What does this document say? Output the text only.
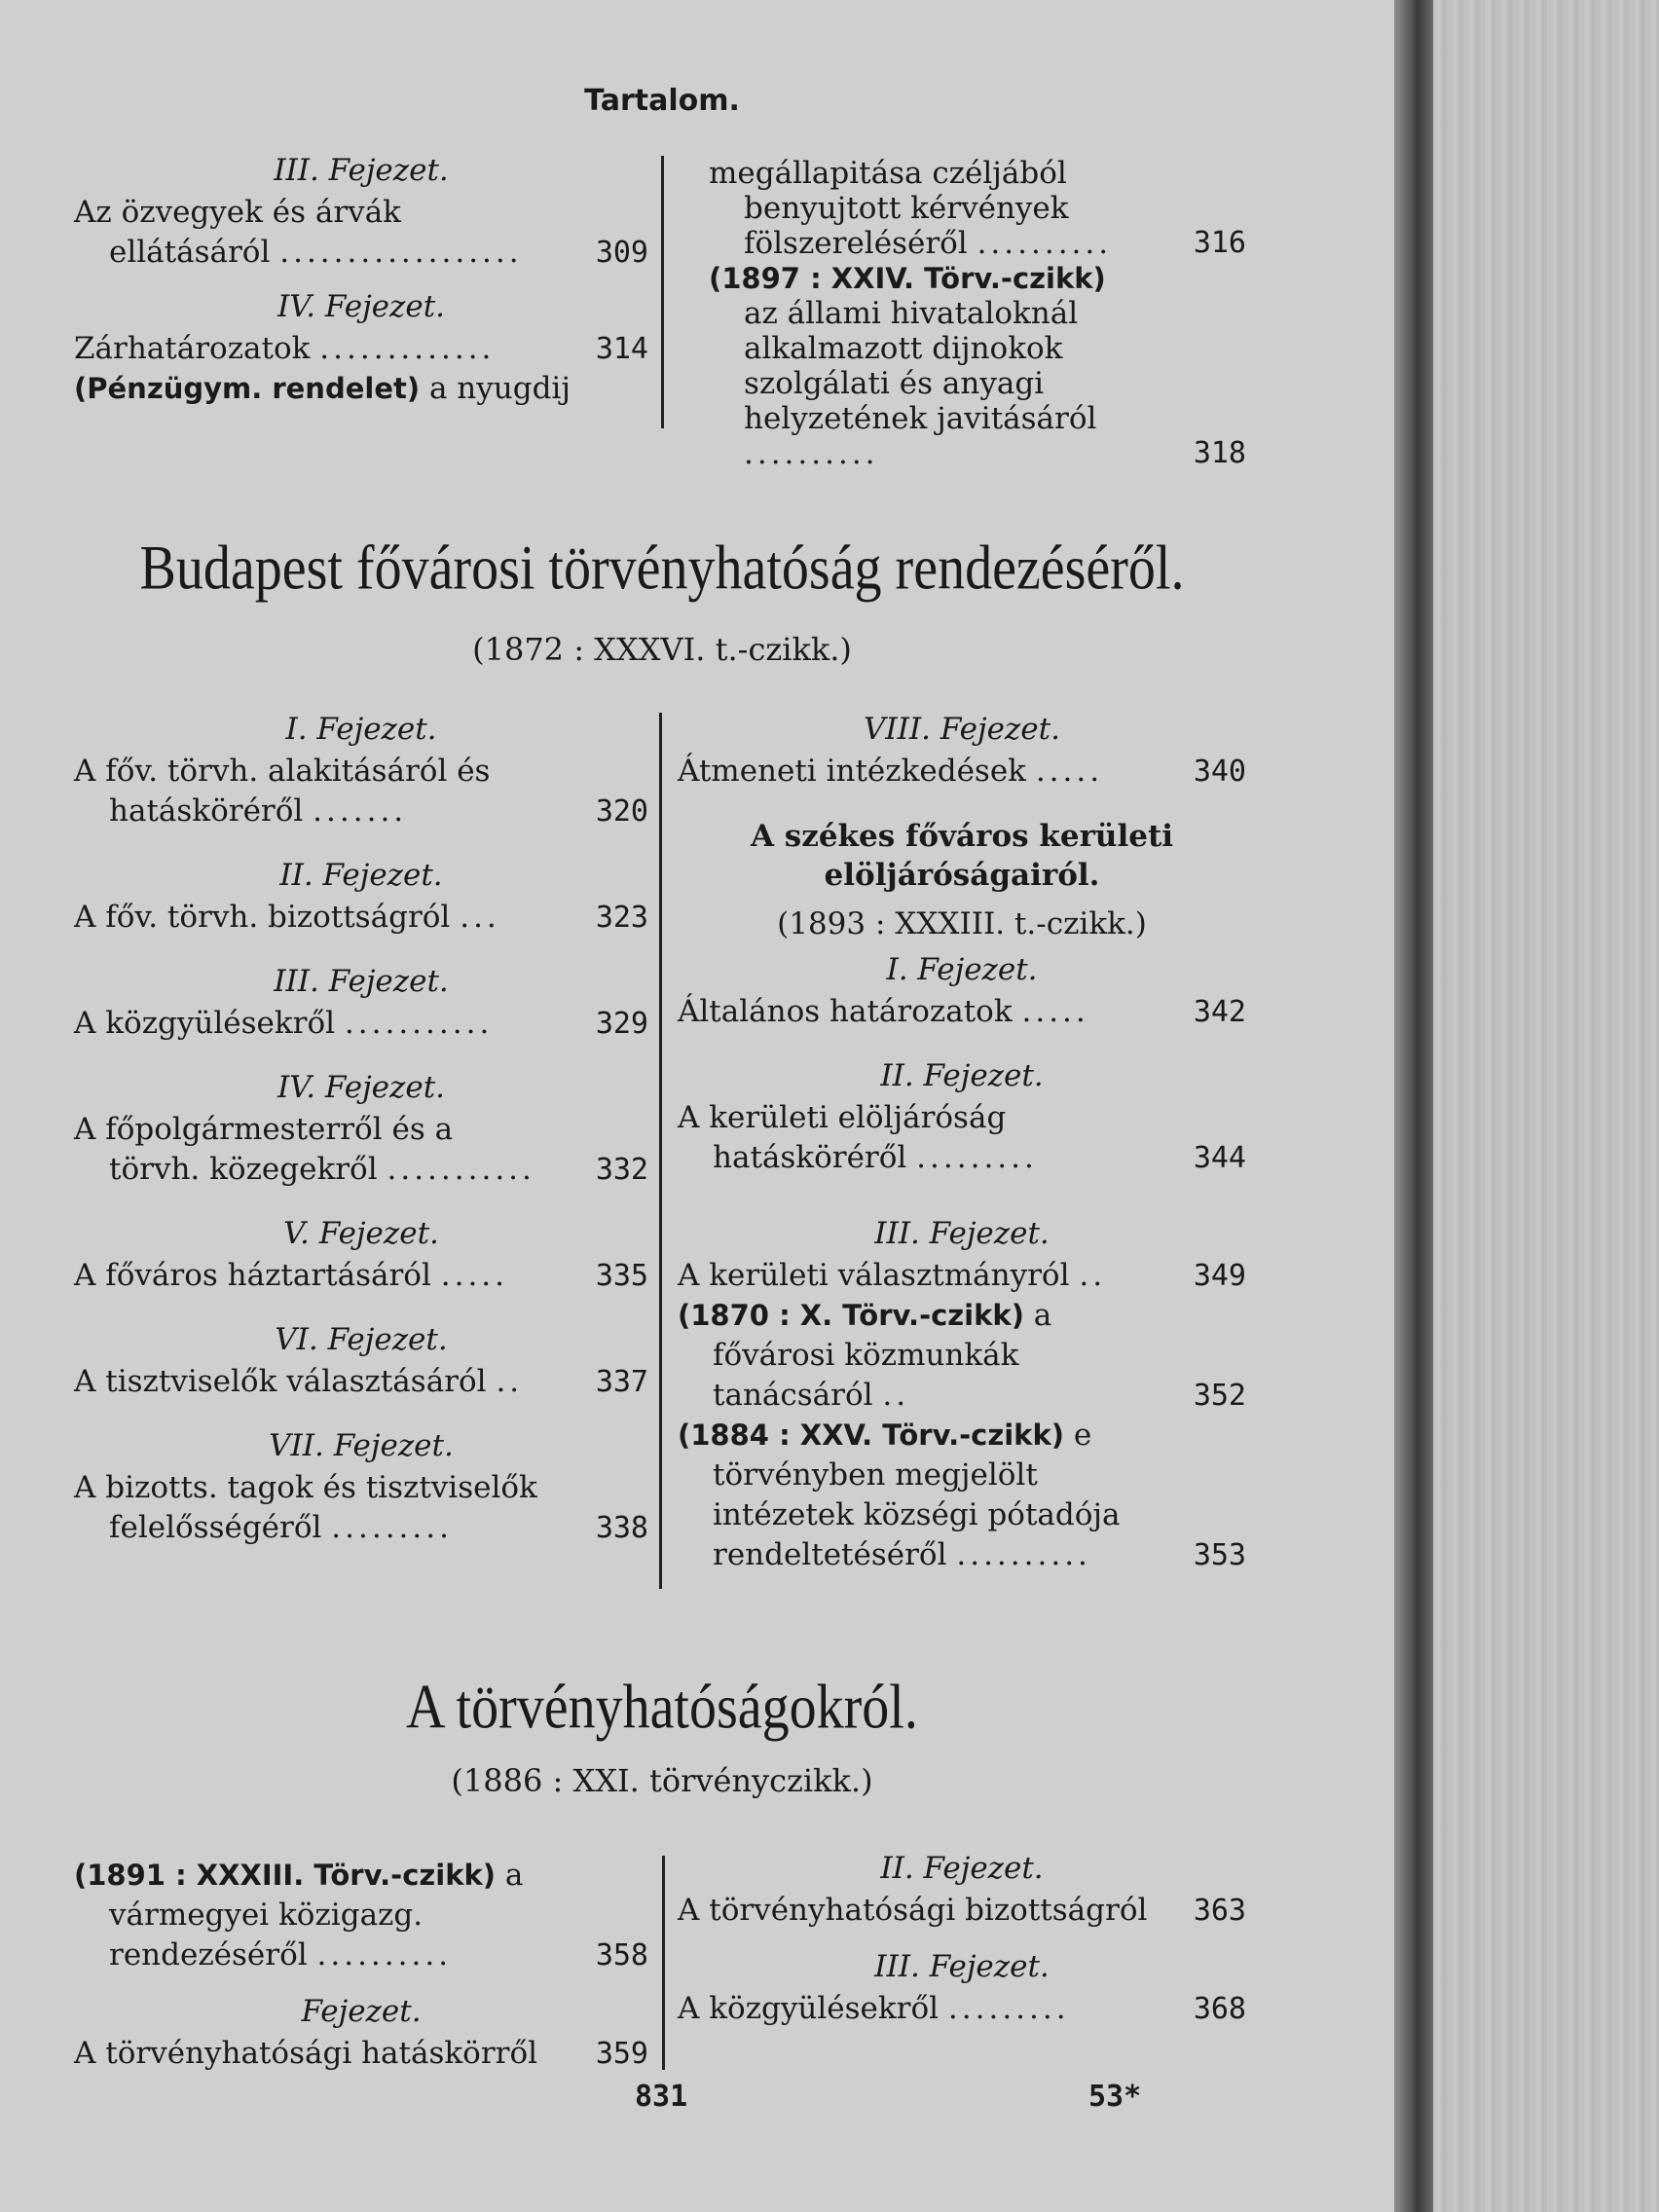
Tartalom.
III. Fejezet.
Az özvegyek és árvák ellátásáról ..................	309
IV. Fejezet.
Zárhatározatok .............	314
(Pénzügym. rendelet) a nyugdij
megállapitása czéljából benyujtott kérvények fölszereléséről ..........	316
(1897 : XXIV. Törv.-czikk) az állami hivataloknál alkalmazott dijnokok szolgálati és anyagi helyzetének javitásáról ..........	318
Budapest fővárosi törvényhatóság rendezéséről.
(1872 : XXXVI. t.-czikk.)
I. Fejezet.
A főv. törvh. alakitásáról és hatásköréről .......	320
II. Fejezet.
A főv. törvh. bizottságról ...	323
III. Fejezet.
A közgyülésekről ...........	329
IV. Fejezet.
A főpolgármesterről és a törvh. közegekről ...........	332
V. Fejezet.
A főváros háztartásáról .....	335
VI. Fejezet.
A tisztviselők választásáról ..	337
VII. Fejezet.
A bizotts. tagok és tisztviselők felelősségéről .........	338
VIII. Fejezet.
Átmeneti intézkedések .....	340
A székes főváros kerületi elöljáróságairól.
(1893 : XXXIII. t.-czikk.)
I. Fejezet.
Általános határozatok .....	342
II. Fejezet.
A kerületi elöljáróság hatásköréről .........	344
III. Fejezet.
A kerületi választmányról ..	349
(1870 : X. Törv.-czikk) a fővárosi közmunkák tanácsáról ..	352
(1884 : XXV. Törv.-czikk) e törvényben megjelölt intézetek községi pótadója rendeltetéséről ..........	353
A törvényhatóságokról.
(1886 : XXI. törvényczikk.)
(1891 : XXXIII. Törv.-czikk) a vármegyei közigazg. rendezéséről ..........	358
Fejezet.
A törvényhatósági hatáskörről	359
II. Fejezet.
A törvényhatósági bizottságról	363
III. Fejezet.
A közgyülésekről .........	368
831	53*
